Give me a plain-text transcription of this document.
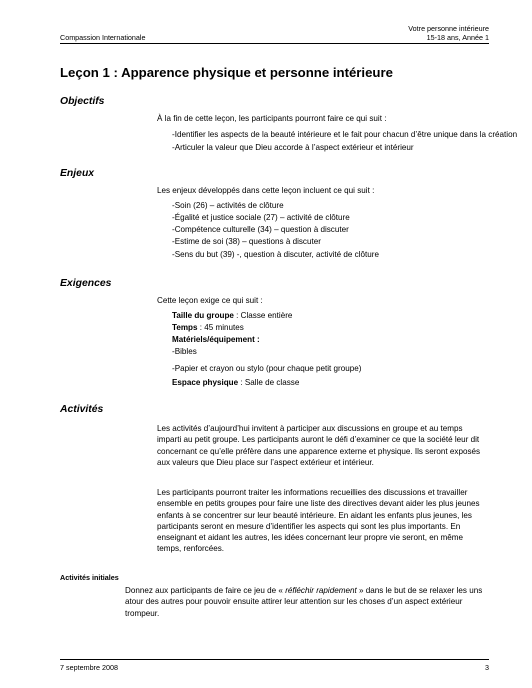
Compassion Internationale
Votre personne intérieure
15-18 ans, Année 1
Leçon 1 : Apparence physique et personne intérieure
Objectifs
À la fin de cette leçon, les participants pourront faire ce qui suit :
-Identifier les aspects de la beauté intérieure et le fait pour chacun d’être unique dans la création
-Articuler la valeur que Dieu accorde à l’aspect extérieur et intérieur
Enjeux
Les enjeux développés dans cette leçon incluent ce qui suit :
-Soin (26) – activités de clôture
-Égalité et justice sociale (27) – activité de clôture
-Compétence culturelle (34) – question à discuter
-Estime de soi (38) – questions à discuter
-Sens du but (39) -, question à discuter, activité de clôture
Exigences
Cette leçon exige ce qui suit :
Taille du groupe : Classe entière
Temps : 45 minutes
Matériels/équipement :
-Bibles
-Papier et crayon ou stylo (pour chaque petit groupe)
Espace physique : Salle de classe
Activités
Les activités d’aujourd’hui invitent à participer aux discussions en groupe et au temps imparti au petit groupe. Les participants auront le défi d’examiner ce que la société leur dit concernant ce qu’elle préfère dans une apparence externe et physique. Ils seront exposés aux valeurs que Dieu place sur l’aspect extérieur et intérieur.
Les participants pourront traiter les informations recueillies des discussions et travailler ensemble en petits groupes pour faire une liste des directives devant aider les plus jeunes enfants à se concentrer sur leur beauté intérieure. En aidant les enfants plus jeunes, les participants seront en mesure d’identifier les aspects qui sont les plus importants. En enseignant et aidant les autres, les idées concernant leur propre vie seront, en même temps, renforcées.
Activités initiales
Donnez aux participants de faire ce jeu de « réfléchir rapidement » dans le but de se relaxer les uns atour des autres pour pouvoir ensuite attirer leur attention sur les choses d’un aspect extérieur trompeur.
7 septembre 2008	3
